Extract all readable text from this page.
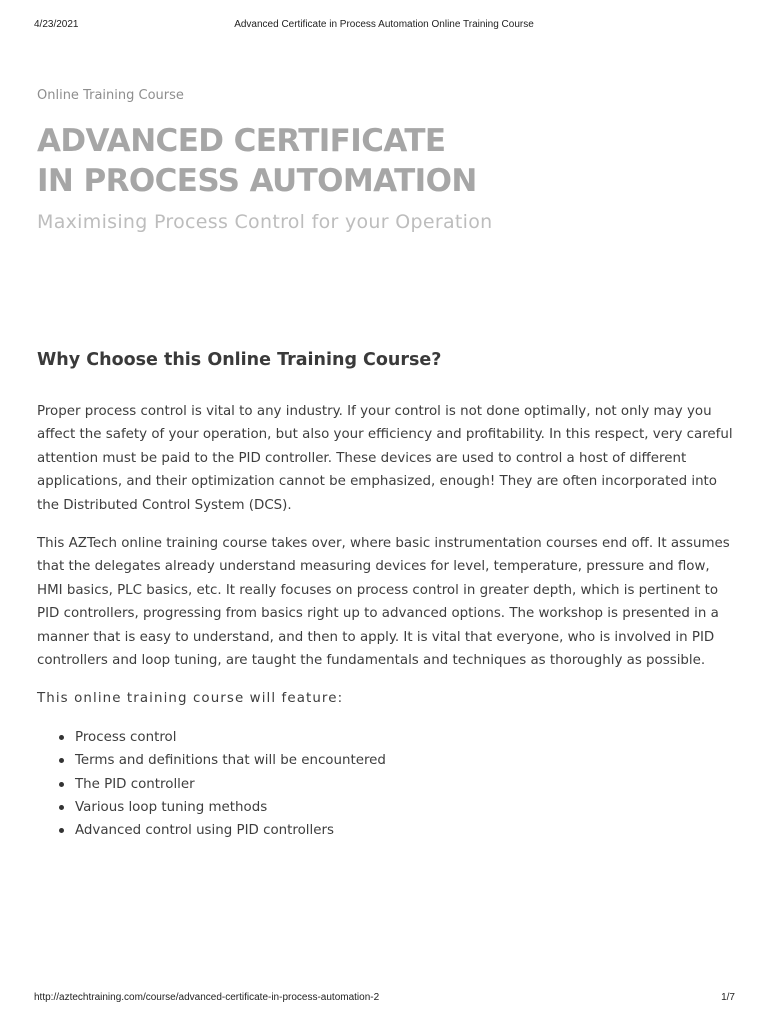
4/23/2021	Advanced Certificate in Process Automation Online Training Course
Online Training Course
ADVANCED CERTIFICATE
IN PROCESS AUTOMATION

Maximising Process Control for your Operation

Why Choose this Online Training Course?

Proper process control is vital to any industry. If your control is not done optimally, not only may you affect the safety of your operation, but also your efficiency and profitability. In this respect, very careful attention must be paid to the PID controller. These devices are used to control a host of different applications, and their optimization cannot be emphasized, enough! They are often incorporated into the Distributed Control System (DCS).

This AZTech online training course takes over, where basic instrumentation courses end off. It assumes that the delegates already understand measuring devices for level, temperature, pressure and flow, HMI basics, PLC basics, etc. It really focuses on process control in greater depth, which is pertinent to PID controllers, progressing from basics right up to advanced options. The workshop is presented in a manner that is easy to understand, and then to apply. It is vital that everyone, who is involved in PID controllers and loop tuning, are taught the fundamentals and techniques as thoroughly as possible.

This online training course will feature:

Process control
Terms and definitions that will be encountered
The PID controller
Various loop tuning methods
Advanced control using PID controllers
http://aztechtraining.com/course/advanced-certificate-in-process-automation-2	1/7
